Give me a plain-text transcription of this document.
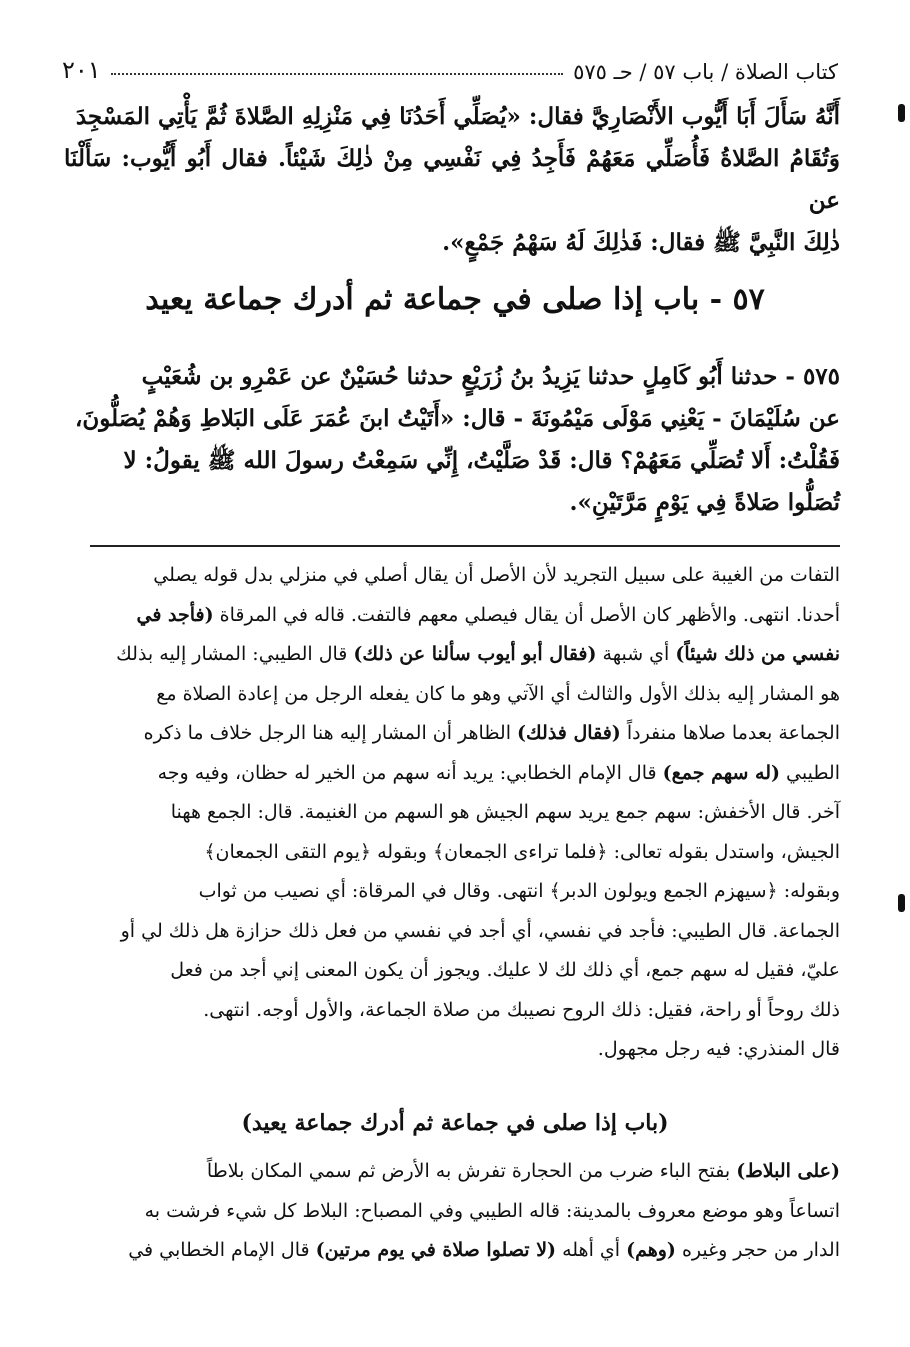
٢٠١	كتاب الصلاة / باب ٥٧ / حـ ٥٧٥

أَنَّهُ سَأَلَ أَبَا أَيُّوب الأَنْصَارِيَّ فقال: «يُصَلِّي أَحَدُنَا فِي مَنْزِلِهِ الصَّلاةَ ثُمَّ يَأْتِي المَسْجِدَ

وَتُقَامُ الصَّلاةُ فَأُصَلِّي مَعَهُمْ فَأَجِدُ فِي نَفْسِي مِنْ ذٰلِكَ شَيْئاً. فقال أَبُو أَيُّوب: سَأَلْنَا عن

ذٰلِكَ النَّبِيَّ ﷺ فقال: فَذٰلِكَ لَهُ سَهْمُ جَمْعٍ».

٥٧ - باب إذا صلى في جماعة ثم أدرك جماعة يعيد

٥٧٥ - حدثنا أَبُو كَامِلٍ حدثنا يَزِيدُ بنُ زُرَيْعٍ حدثنا حُسَيْنٌ عن عَمْرِو بن شُعَيْبٍ

عن سُلَيْمَانَ - يَعْنِي مَوْلَى مَيْمُونَةَ - قال: «أَتَيْتُ ابنَ عُمَرَ عَلَى البَلاطِ وَهُمْ يُصَلُّونَ،

فَقُلْتُ: أَلا تُصَلِّي مَعَهُمْ؟ قال: قَدْ صَلَّيْتُ، إِنِّي سَمِعْتُ رسولَ الله ﷺ يقولُ: لا

تُصَلُّوا صَلاةً فِي يَوْمٍ مَرَّتَيْنِ».

التفات من الغيبة على سبيل التجريد لأن الأصل أن يقال أصلي في منزلي بدل قوله يصلي

أحدنا. انتهى. والأظهر كان الأصل أن يقال فيصلي معهم فالتفت. قاله في المرقاة (فأجد في

نفسي من ذلك شيئاً) أي شبهة (فقال أبو أيوب سألنا عن ذلك) قال الطيبي: المشار إليه بذلك

هو المشار إليه بذلك الأول والثالث أي الآتي وهو ما كان يفعله الرجل من إعادة الصلاة مع

الجماعة بعدما صلاها منفرداً (فقال فذلك) الظاهر أن المشار إليه هنا الرجل خلاف ما ذكره

الطيبي (له سهم جمع) قال الإمام الخطابي: يريد أنه سهم من الخير له حظان، وفيه وجه

آخر. قال الأخفش: سهم جمع يريد سهم الجيش هو السهم من الغنيمة. قال: الجمع ههنا

الجيش، واستدل بقوله تعالى: ﴿فلما تراءى الجمعان﴾ وبقوله ﴿يوم التقى الجمعان﴾

وبقوله: ﴿سيهزم الجمع ويولون الدبر﴾ انتهى. وقال في المرقاة: أي نصيب من ثواب

الجماعة. قال الطيبي: فأجد في نفسي، أي أجد في نفسي من فعل ذلك حزازة هل ذلك لي أو

عليّ، فقيل له سهم جمع، أي ذلك لك لا عليك. ويجوز أن يكون المعنى إني أجد من فعل

ذلك روحاً أو راحة، فقيل: ذلك الروح نصيبك من صلاة الجماعة، والأول أوجه. انتهى.

قال المنذري: فيه رجل مجهول.

(باب إذا صلى في جماعة ثم أدرك جماعة يعيد)

(على البلاط) بفتح الباء ضرب من الحجارة تفرش به الأرض ثم سمي المكان بلاطاً

اتساعاً وهو موضع معروف بالمدينة: قاله الطيبي وفي المصباح: البلاط كل شيء فرشت به

الدار من حجر وغيره (وهم) أي أهله (لا تصلوا صلاة في يوم مرتين) قال الإمام الخطابي في
